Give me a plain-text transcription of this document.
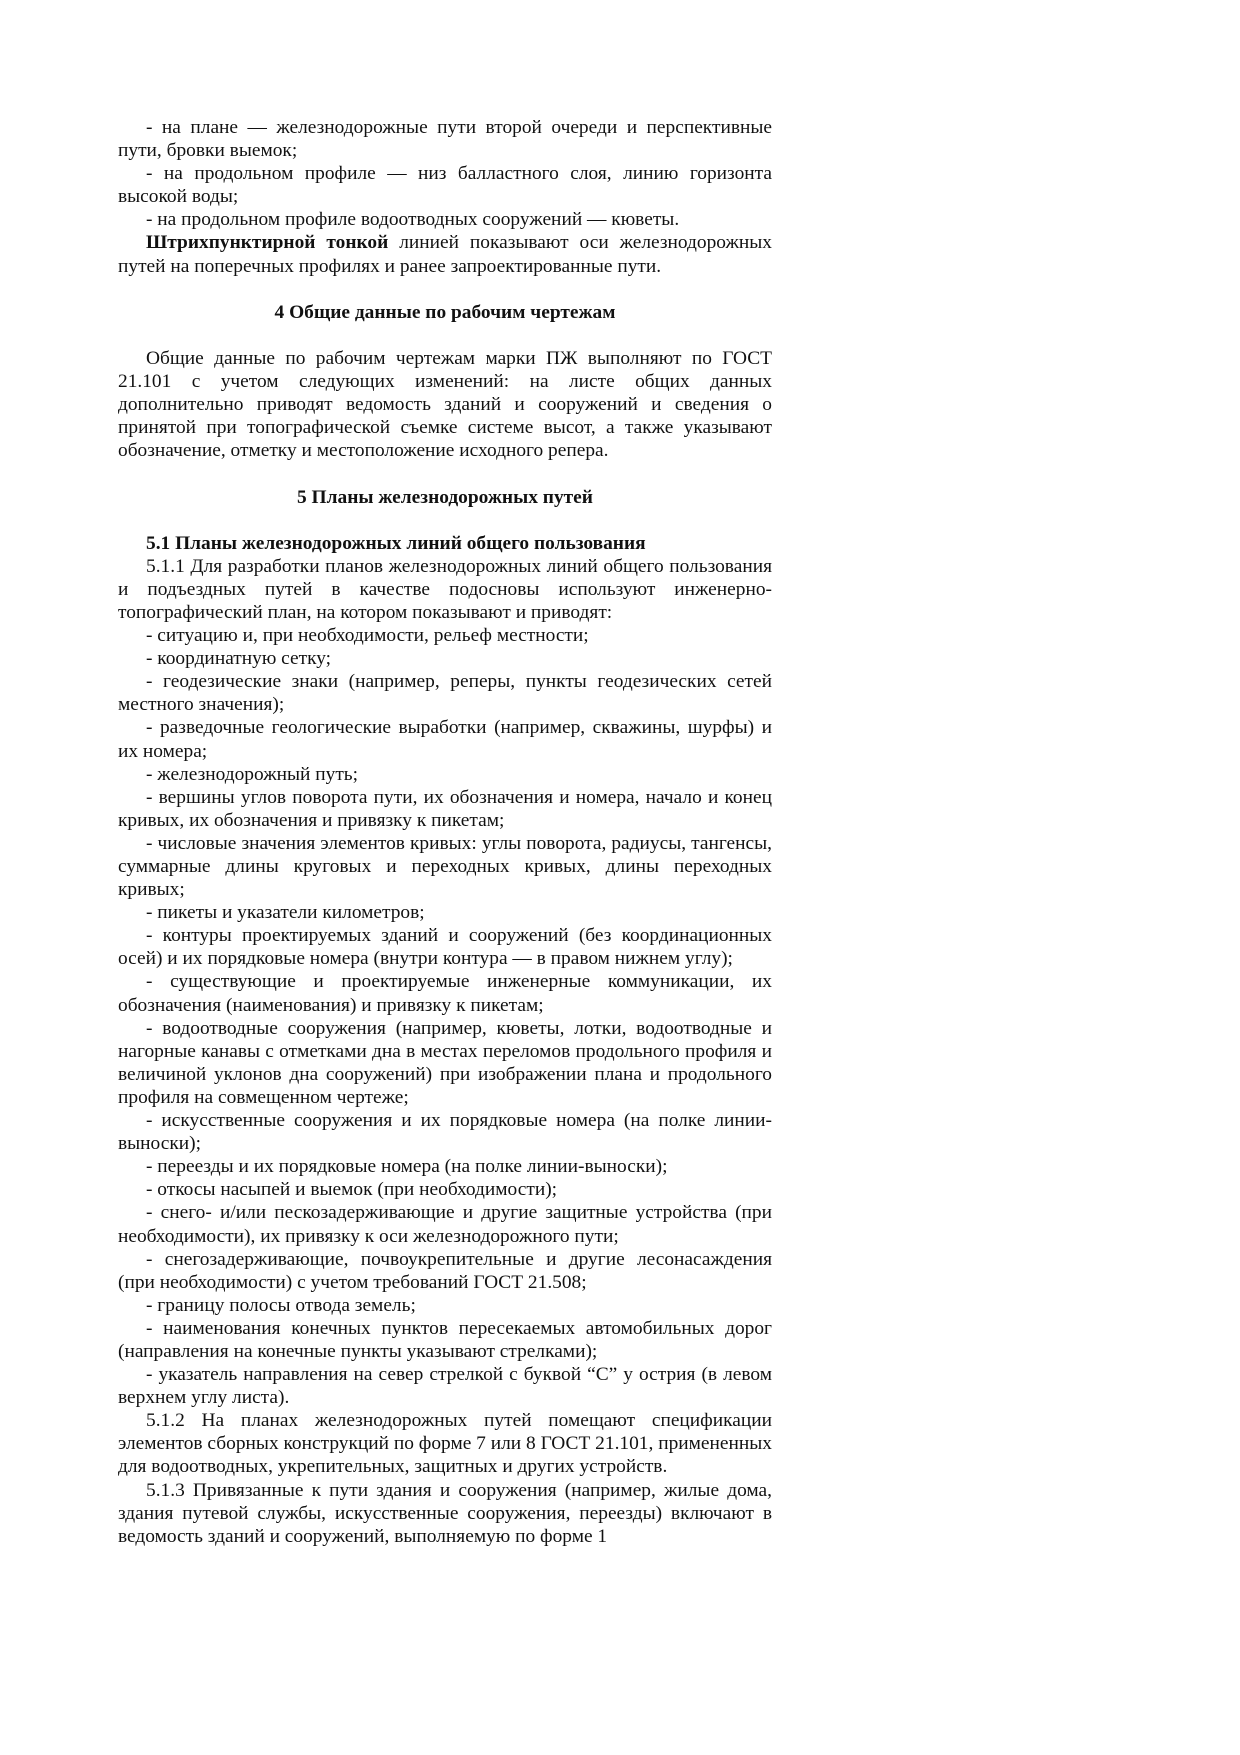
- на плане — железнодорожные пути второй очереди и перспективные пути, бровки выемок;

- на продольном профиле — низ балластного слоя, линию горизонта высокой воды;

- на продольном профиле водоотводных сооружений — кюветы.

Штрихпунктирной тонкой линией показывают оси железнодорожных путей на поперечных профилях и ранее запроектированные пути.

4 Общие данные по рабочим чертежам

Общие данные по рабочим чертежам марки ПЖ выполняют по ГОСТ 21.101 с учетом следующих изменений: на листе общих данных дополнительно приводят ведомость зданий и сооружений и сведения о принятой при топографической съемке системе высот, а также указывают обозначение, отметку и местоположение исходного репера.

5 Планы железнодорожных путей

5.1 Планы железнодорожных линий общего пользования

5.1.1 Для разработки планов железнодорожных линий общего пользования и подъездных путей в качестве подосновы используют инженерно-топографический план, на котором показывают и приводят:

- ситуацию и, при необходимости, рельеф местности;

- координатную сетку;

- геодезические знаки (например, реперы, пункты геодезических сетей местного значения);

- разведочные геологические выработки (например, скважины, шурфы) и их номера;

- железнодорожный путь;

- вершины углов поворота пути, их обозначения и номера, начало и конец кривых, их обозначения и привязку к пикетам;

- числовые значения элементов кривых: углы поворота, радиусы, тангенсы, суммарные длины круговых и переходных кривых, длины переходных кривых;

- пикеты и указатели километров;

- контуры проектируемых зданий и сооружений (без координационных осей) и их порядковые номера (внутри контура — в правом нижнем углу);

- существующие и проектируемые инженерные коммуникации, их обозначения (наименования) и привязку к пикетам;

- водоотводные сооружения (например, кюветы, лотки, водоотводные и нагорные канавы с отметками дна в местах переломов продольного профиля и величиной уклонов дна сооружений) при изображении плана и продольного профиля на совмещенном чертеже;

- искусственные сооружения и их порядковые номера (на полке линии-выноски);

- переезды и их порядковые номера (на полке линии-выноски);

- откосы насыпей и выемок (при необходимости);

- снего- и/или пескозадерживающие и другие защитные устройства (при необходимости), их привязку к оси железнодорожного пути;

- снегозадерживающие, почвоукрепительные и другие лесонасаждения (при необходимости) с учетом требований ГОСТ 21.508;

- границу полосы отвода земель;

- наименования конечных пунктов пересекаемых автомобильных дорог (направления на конечные пункты указывают стрелками);

- указатель направления на север стрелкой с буквой “С” у острия (в левом верхнем углу листа).

5.1.2 На планах железнодорожных путей помещают спецификации элементов сборных конструкций по форме 7 или 8 ГОСТ 21.101, примененных для водоотводных, укрепительных, защитных и других устройств.

5.1.3 Привязанные к пути здания и сооружения (например, жилые дома, здания путевой службы, искусственные сооружения, переезды) включают в ведомость зданий и сооружений, выполняемую по форме 1
